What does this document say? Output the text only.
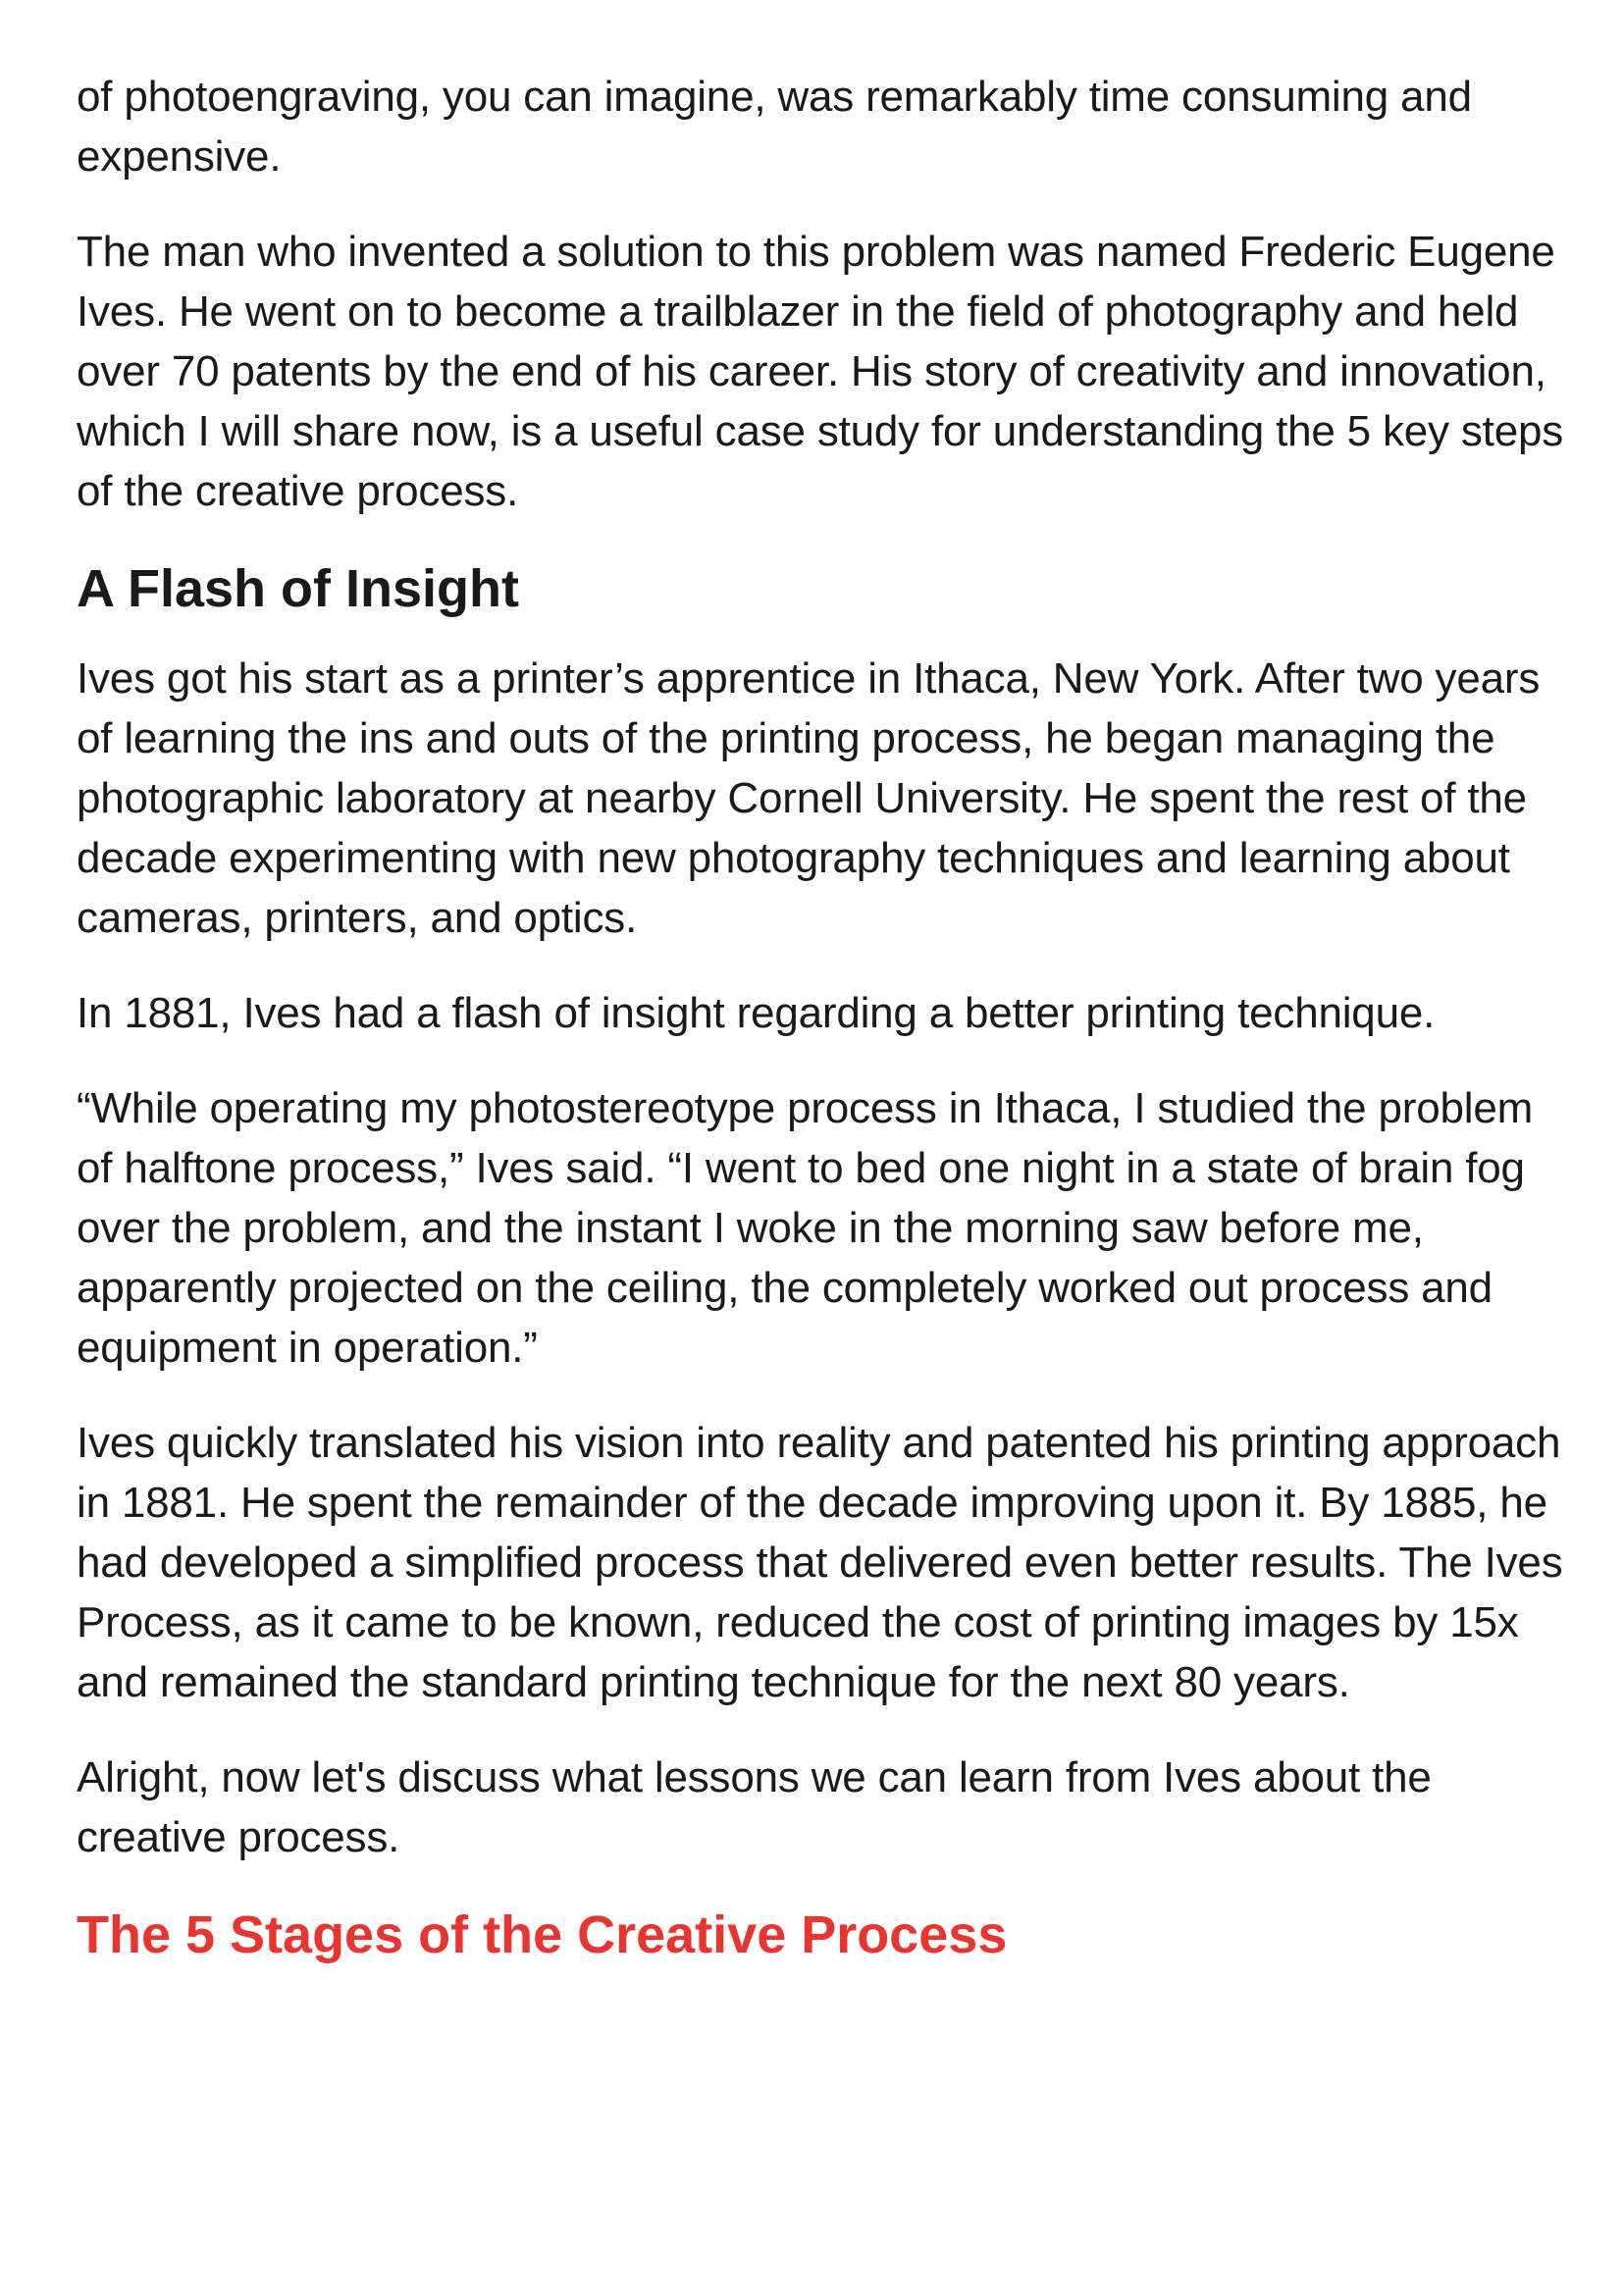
of photoengraving, you can imagine, was remarkably time consuming and expensive.

The man who invented a solution to this problem was named Frederic Eugene Ives. He went on to become a trailblazer in the field of photography and held over 70 patents by the end of his career. His story of creativity and innovation, which I will share now, is a useful case study for understanding the 5 key steps of the creative process.

A Flash of Insight

Ives got his start as a printer’s apprentice in Ithaca, New York. After two years of learning the ins and outs of the printing process, he began managing the photographic laboratory at nearby Cornell University. He spent the rest of the decade experimenting with new photography techniques and learning about cameras, printers, and optics.

In 1881, Ives had a flash of insight regarding a better printing technique.

“While operating my photostereotype process in Ithaca, I studied the problem of halftone process,” Ives said. “I went to bed one night in a state of brain fog over the problem, and the instant I woke in the morning saw before me, apparently projected on the ceiling, the completely worked out process and equipment in operation.”

Ives quickly translated his vision into reality and patented his printing approach in 1881. He spent the remainder of the decade improving upon it. By 1885, he had developed a simplified process that delivered even better results. The Ives Process, as it came to be known, reduced the cost of printing images by 15x and remained the standard printing technique for the next 80 years.

Alright, now let's discuss what lessons we can learn from Ives about the creative process.

The 5 Stages of the Creative Process
